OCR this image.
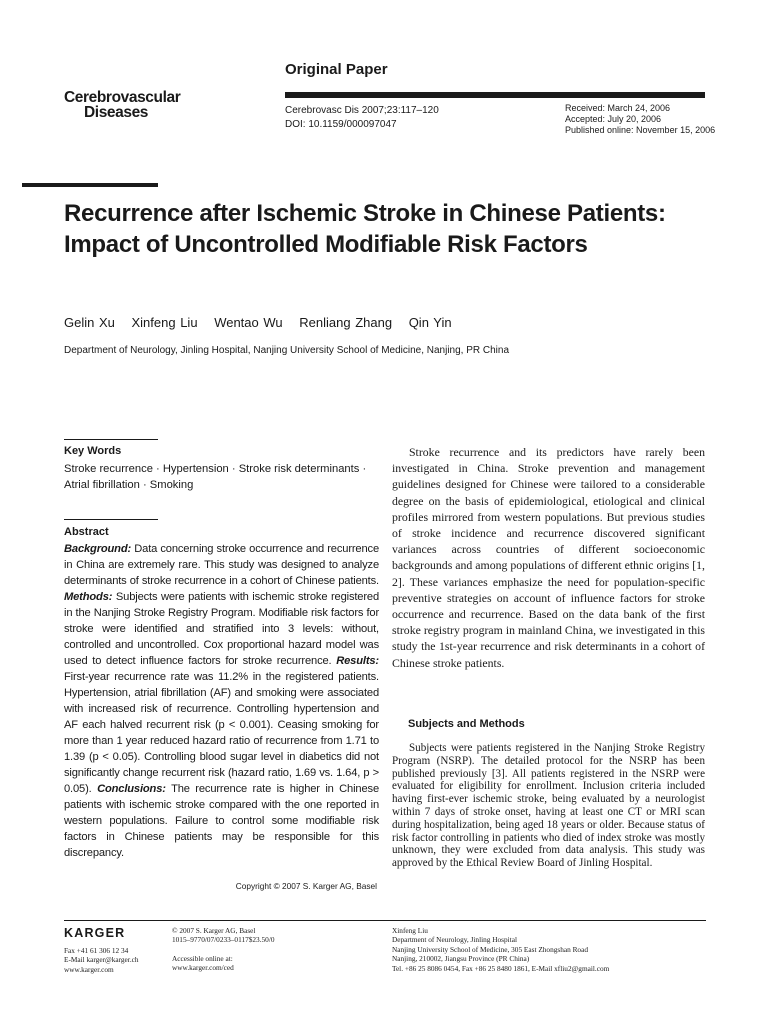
Cerebrovascular
Diseases
Original Paper
Cerebrovasc Dis 2007;23:117–120
DOI: 10.1159/000097047
Received: March 24, 2006
Accepted: July 20, 2006
Published online: November 15, 2006
Recurrence after Ischemic Stroke in Chinese Patients: Impact of Uncontrolled Modifiable Risk Factors
Gelin Xu Xinfeng Liu Wentao Wu Renliang Zhang Qin Yin
Department of Neurology, Jinling Hospital, Nanjing University School of Medicine, Nanjing, PR China
Key Words
Stroke recurrence · Hypertension · Stroke risk determinants · Atrial fibrillation · Smoking
Abstract
Background: Data concerning stroke occurrence and recurrence in China are extremely rare. This study was designed to analyze determinants of stroke recurrence in a cohort of Chinese patients. Methods: Subjects were patients with ischemic stroke registered in the Nanjing Stroke Registry Program. Modifiable risk factors for stroke were identified and stratified into 3 levels: without, controlled and uncontrolled. Cox proportional hazard model was used to detect influence factors for stroke recurrence. Results: First-year recurrence rate was 11.2% in the registered patients. Hypertension, atrial fibrillation (AF) and smoking were associated with increased risk of recurrence. Controlling hypertension and AF each halved recurrent risk (p < 0.001). Ceasing smoking for more than 1 year reduced hazard ratio of recurrence from 1.71 to 1.39 (p < 0.05). Controlling blood sugar level in diabetics did not significantly change recurrent risk (hazard ratio, 1.69 vs. 1.64, p > 0.05). Conclusions: The recurrence rate is higher in Chinese patients with ischemic stroke compared with the one reported in western populations. Failure to control some modifiable risk factors in Chinese patients may be responsible for this discrepancy.
Copyright © 2007 S. Karger AG, Basel

Stroke recurrence and its predictors have rarely been investigated in China. Stroke prevention and management guidelines designed for Chinese were tailored to a considerable degree on the basis of epidemiological, etiological and clinical profiles mirrored from western populations. But previous studies of stroke incidence and recurrence discovered significant variances across countries of different socioeconomic backgrounds and among populations of different ethnic origins [1, 2]. These variances emphasize the need for population-specific preventive strategies on account of influence factors for stroke occurrence and recurrence. Based on the data bank of the first stroke registry program in mainland China, we investigated in this study the 1st-year recurrence and risk determinants in a cohort of Chinese stroke patients.

Subjects and Methods

Subjects were patients registered in the Nanjing Stroke Registry Program (NSRP). The detailed protocol for the NSRP has been published previously [3]. All patients registered in the NSRP were evaluated for eligibility for enrollment. Inclusion criteria included having first-ever ischemic stroke, being evaluated by a neurologist within 7 days of stroke onset, having at least one CT or MRI scan during hospitalization, being aged 18 years or older. Because status of risk factor controlling in patients who died of index stroke was mostly unknown, they were excluded from data analysis. This study was approved by the Ethical Review Board of Jinling Hospital.

KARGER
Fax +41 61 306 12 34
E-Mail karger@karger.ch
www.karger.com
© 2007 S. Karger AG, Basel
1015–9770/07/0233–0117$23.50/0
Accessible online at:
www.karger.com/ced
Xinfeng Liu
Department of Neurology, Jinling Hospital
Nanjing University School of Medicine, 305 East Zhongshan Road
Nanjing, 210002, Jiangsu Province (PR China)
Tel. +86 25 8086 0454, Fax +86 25 8480 1861, E-Mail xfliu2@gmail.com
